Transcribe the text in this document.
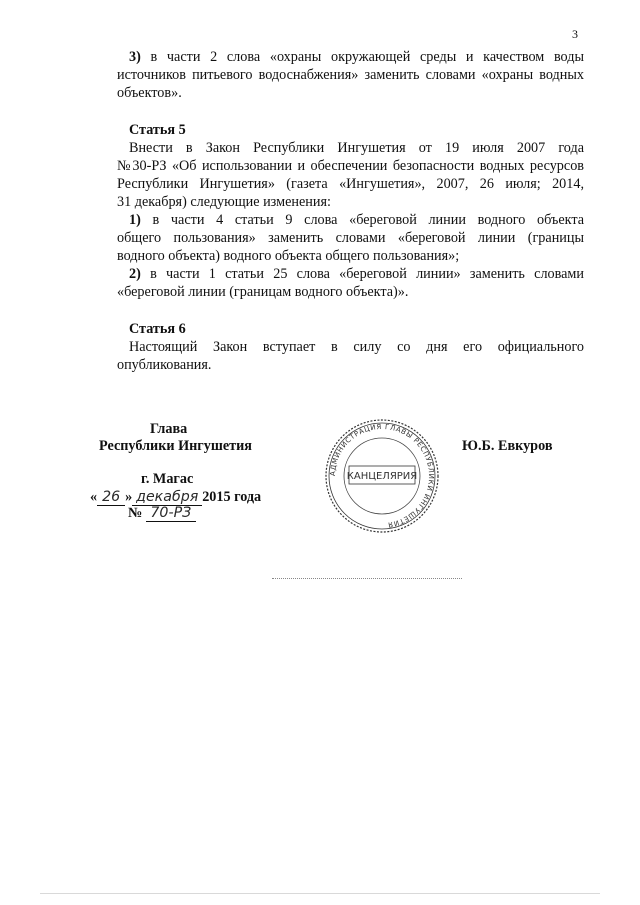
3
3) в части 2 слова «охраны окружающей среды и качеством воды
источников питьевого водоснабжения» заменить словами «охраны водных
объектов».
Статья 5
Внести в Закон Республики Ингушетия от 19 июля 2007 года
№30-РЗ «Об использовании и обеспечении безопасности водных ресурсов
Республики Ингушетия» (газета «Ингушетия», 2007, 26 июля; 2014,
31 декабря) следующие изменения:
1) в части 4 статьи 9 слова «береговой линии водного объекта
общего пользования» заменить словами «береговой линии (границы
водного объекта) водного объекта общего пользования»;
2) в части 1 статьи 25 слова «береговой линии» заменить словами
«береговой линии (границам водного объекта)».
Статья 6
Настоящий Закон вступает в силу со дня его официального
опубликования.
Глава
Республики Ингушетия
г. Магас
« 26 » декабря 2015 года
№ 70-РЗ
Ю.Б. Евкуров
АДМИНИСТРАЦИЯ ГЛАВЫ РЕСПУБЛИКИ ИНГУШЕТИЯ
КАНЦЕЛЯРИЯ
